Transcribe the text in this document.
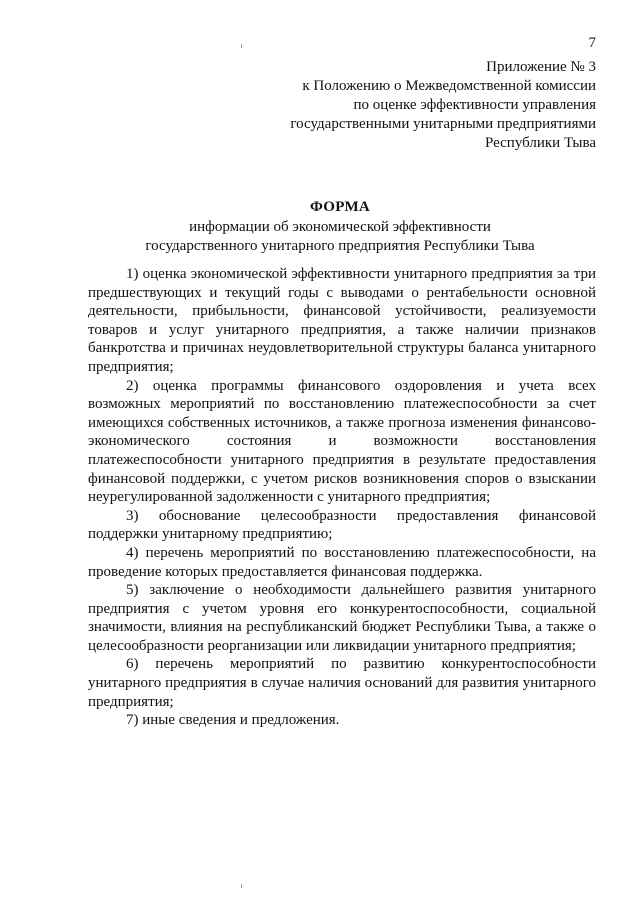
7
Приложение № 3
к Положению о Межведомственной комиссии
по оценке эффективности управления
государственными унитарными предприятиями
Республики Тыва
ФОРМА
информации об экономической эффективности
государственного унитарного предприятия Республики Тыва

1) оценка экономической эффективности унитарного предприятия за три предшествующих и текущий годы с выводами о рентабельности основной деятельности, прибыльности, финансовой устойчивости, реализуемости товаров и услуг унитарного предприятия, а также наличии признаков банкротства и причинах неудовлетворительной структуры баланса унитарного предприятия;

2) оценка программы финансового оздоровления и учета всех возможных мероприятий по восстановлению платежеспособности за счет имеющихся собственных источников, а также прогноза изменения финансово-экономического состояния и возможности восстановления платежеспособности унитарного предприятия в результате предоставления финансовой поддержки, с учетом рисков возникновения споров о взыскании неурегулированной задолженности с унитарного предприятия;

3) обоснование целесообразности предоставления финансовой поддержки унитарному предприятию;

4) перечень мероприятий по восстановлению платежеспособности, на проведение которых предоставляется финансовая поддержка.

5) заключение о необходимости дальнейшего развития унитарного предприятия с учетом уровня его конкурентоспособности, социальной значимости, влияния на республиканский бюджет Республики Тыва, а также о целесообразности реорганизации или ликвидации унитарного предприятия;

6) перечень мероприятий по развитию конкурентоспособности унитарного предприятия в случае наличия оснований для развития унитарного предприятия;

7) иные сведения и предложения.
